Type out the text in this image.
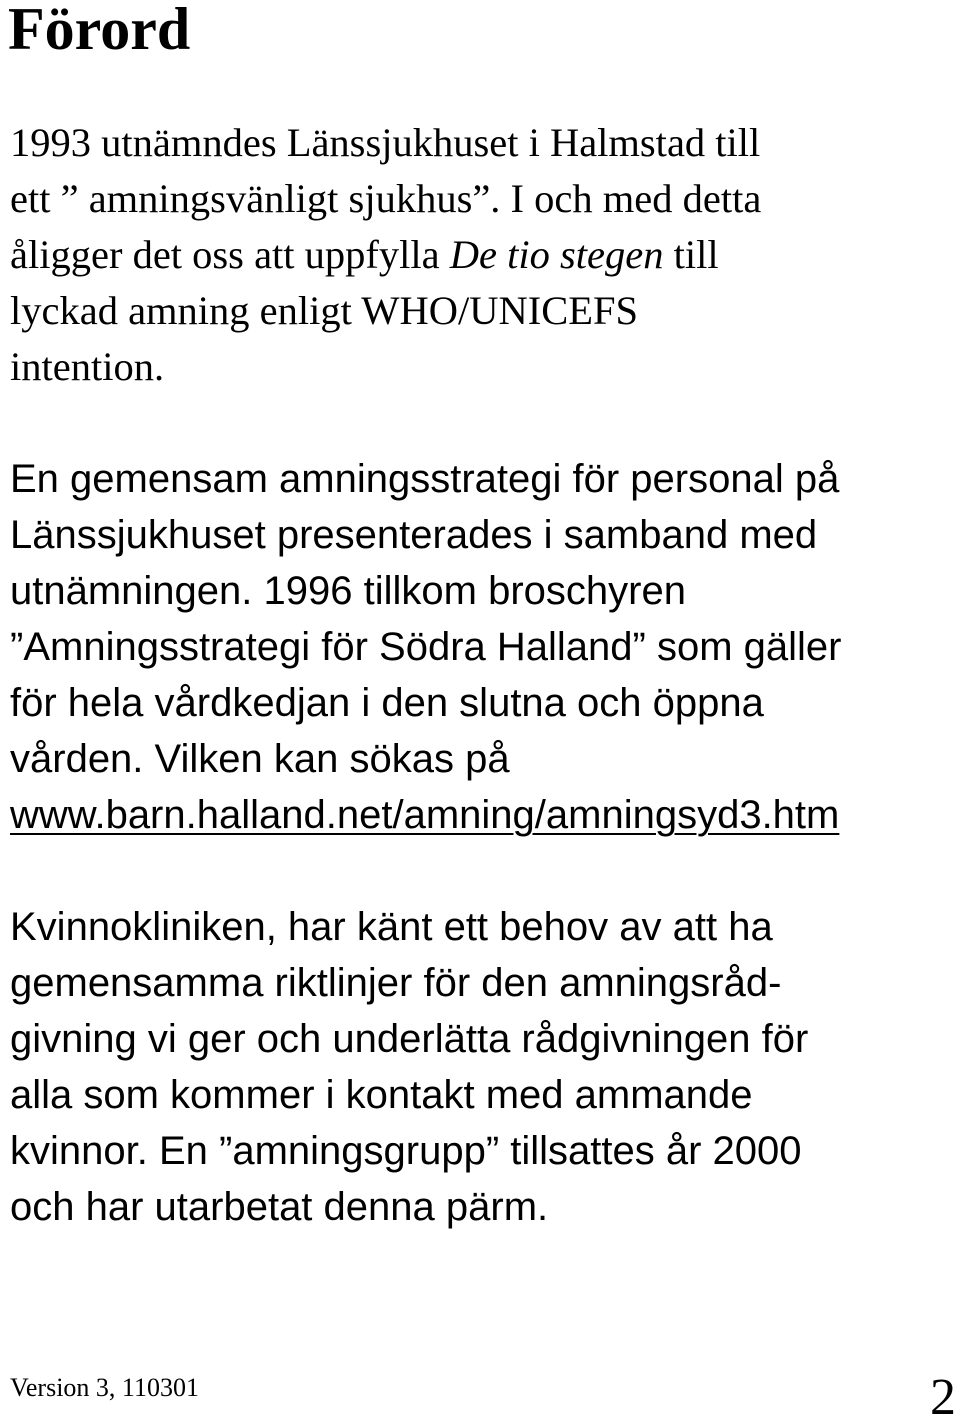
Förord

1993 utnämndes Länssjukhuset i Halmstad till
ett ” amningsvänligt sjukhus”. I och med detta
åligger det oss att uppfylla De tio stegen till
lyckad amning enligt WHO/UNICEFS
intention.

En gemensam amningsstrategi för personal på
Länssjukhuset presenterades i samband med
utnämningen. 1996 tillkom broschyren
”Amningsstrategi för Södra Halland” som gäller
för hela vårdkedjan i den slutna och öppna
vården. Vilken kan sökas på
www.barn.halland.net/amning/amningsyd3.htm

Kvinnokliniken, har känt ett behov av att ha
gemensamma riktlinjer för den amningsråd-
givning vi ger och underlätta rådgivningen för
alla som kommer i kontakt med ammande
kvinnor. En ”amningsgrupp” tillsattes år 2000
och har utarbetat denna pärm.

Version 3, 110301	2
